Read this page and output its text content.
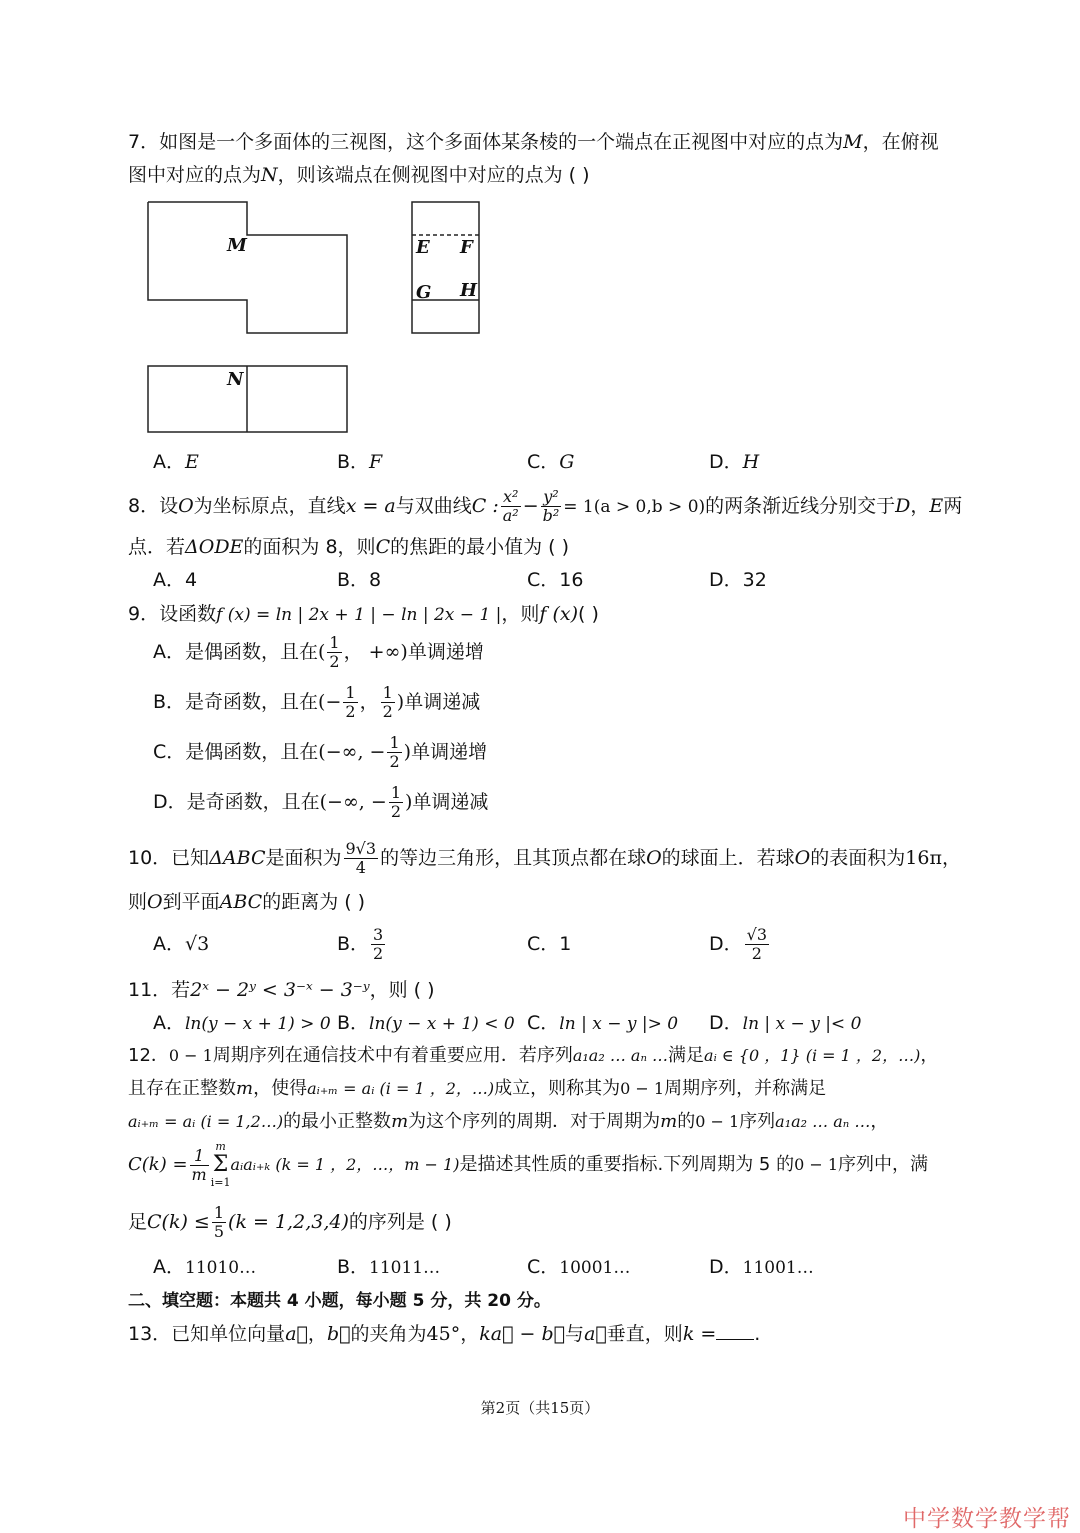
7．如图是一个多面体的三视图，这个多面体某条棱的一个端点在正视图中对应的点为M，在俯视
图中对应的点为N，则该端点在侧视图中对应的点为 ( )
M	E F
G H
N
A．E	B．F	C．G	D．H
8．设O为坐标原点，直线x = a与双曲线C : $\frac{\text{x²}}{\text{a²}} - \frac{\text{y²}}{\text{b²}} = 1(a > 0,b > 0)$的两条渐近线分别交于D，E两
点．若ΔODE的面积为 8，则C的焦距的最小值为 ( )
A．4	B．8	C．16	D．32
9．设函数f (x) = ln | 2x + 1 | − ln | 2x − 1 |，则f (x)( )
A．是偶函数，且在( $\frac{1}{2}$ ， +∞)单调递增
B．是奇函数，且在(− $\frac{1}{2}$ ， $\frac{1}{2}$ )单调递减
C．是偶函数，且在(−∞, − $\frac{1}{2}$ )单调递增
D．是奇函数，且在(−∞, − $\frac{1}{2}$ )单调递减
10．已知ΔABC是面积为 $\frac{9√3}{4}$ 的等边三角形，且其顶点都在球O的球面上．若球O的表面积为16π，
则O到平面ABC的距离为 ( )
A．√3	B． $\frac{3}{2}$	C．1	D． $\frac{√3}{2}$
11．若2ˣ − 2ʸ < 3⁻ˣ − 3⁻ʸ，则 ( )
A．ln(y − x + 1) > 0 B．ln(y − x + 1) < 0 C．ln | x − y |> 0 D．ln | x − y |< 0
12．0 − 1周期序列在通信技术中有着重要应用．若序列a₁a₂ … aₙ …满足aᵢ ∈ {0 ，1} (i = 1 ，2，…)，
且存在正整数m，使得aᵢ₊ₘ = aᵢ (i = 1 ，2，…)成立，则称其为0 − 1周期序列，并称满足
aᵢ₊ₘ = aᵢ (i = 1,2…)的最小正整数m为这个序列的周期．对于周期为m的0 − 1序列a₁a₂ … aₙ …，
$C(k) = \frac{1}{m}$ m
Σ
i=1
aᵢaᵢ₊ₖ (k = 1 ，2，…，m − 1)是描述其性质的重要指标.下列周期为 5 的0 − 1序列中，满
足$C(k) \le \frac{1}{5} (k = 1,2,3,4)$的序列是 ( )
A．11010…	B．11011…	C．10001…	D．11001…
二、填空题：本题共 4 小题，每小题 5 分，共 20 分。
13．已知单位向量a⃗，b⃗的夹角为45°，ka⃗ − b⃗与a⃗垂直，则k = .
第2页（共15页）
中学数学教学帮
